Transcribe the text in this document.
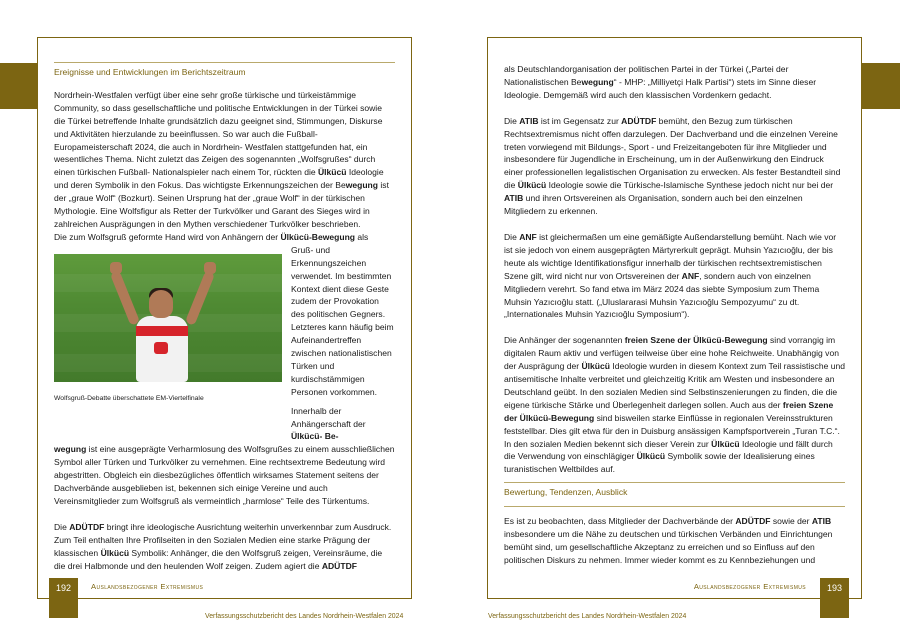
Ereignisse und Entwicklungen im Berichtszeitraum

Nordrhein-Westfalen verfügt über eine sehr große türkische und türkeistämmige Community, so dass gesellschaftliche und politische Entwicklungen in der Türkei sowie die Türkei betreffende Inhalte grundsätzlich dazu geeignet sind, Stimmungen, Diskurse und Aktivitäten hierzulande zu beeinflussen. So war auch die Fußball-Europameisterschaft 2024, die auch in Nordrhein- Westfalen stattgefunden hat, ein wesentliches Thema. Nicht zuletzt das Zeigen des sogenannten „Wolfsgrußes“ durch einen türkischen Fußball- Nationalspieler nach einem Tor, rückten die Ülkücü Ideologie und deren Symbolik in den Fokus. Das wichtigste Erkennungszeichen der Bewegung ist der „graue Wolf“ (Bozkurt). Seinen Ursprung hat der „graue Wolf“ in der türkischen Mythologie. Eine Wolfsfigur als Retter der Turkvölker und Garant des Sieges wird in zahlreichen Ausprägungen in den Mythen verschiedener Turkvölker beschrieben.

Die zum Wolfsgruß geformte Hand wird von Anhängern der Ülkücü-Bewegung als

Wolfsgruß-Debatte überschattete EM-Viertelfinale

Gruß- und Erkennungszeichen verwendet. Im bestimmten Kontext dient diese Geste zudem der Provokation des politischen Gegners. Letzteres kann häufig beim Aufeinandertreffen zwischen nationalistischen Türken und kurdischstämmigen Personen vorkommen.

Innerhalb der Anhängerschaft der Ülkücü- Be-

wegung ist eine ausgeprägte Verharmlosung des Wolfsgrußes zu einem ausschließlichen Symbol aller Türken und Turkvölker zu vernehmen. Eine rechtsextreme Bedeutung wird abgestritten. Obgleich ein diesbezügliches öffentlich wirksames Statement seitens der Dachverbände ausgeblieben ist, bekennen sich einige Vereine und auch Vereinsmitglieder zum Wolfsgruß als vermeintlich „harmlose“ Teile des Türkentums.

Die ADÜTDF bringt ihre ideologische Ausrichtung weiterhin unverkennbar zum Ausdruck. Zum Teil enthalten Ihre Profilseiten in den Sozialen Medien eine starke Prägung der klassischen Ülkücü Symbolik: Anhänger, die den Wolfsgruß zeigen, Vereinsräume, die die drei Halbmonde und den heulenden Wolf zeigen. Zudem agiert die ADÜTDF

als Deutschlandorganisation der politischen Partei in der Türkei („Partei der Nationalistischen Bewegung“ - MHP: „Milliyetçi Halk Partisi“) stets im Sinne dieser Ideologie. Demgemäß wird auch den klassischen Vordenkern gedacht.

Die ATIB ist im Gegensatz zur ADÜTDF bemüht, den Bezug zum türkischen Rechtsextremismus nicht offen darzulegen. Der Dachverband und die einzelnen Vereine treten vorwiegend mit Bildungs-, Sport - und Freizeitangeboten für ihre Mitglieder und insbesondere für Jugendliche in Erscheinung, um in der Außenwirkung den Eindruck einer professionellen legalistischen Organisation zu erwecken. Als fester Bestandteil sind die Ülkücü Ideologie sowie die Türkische-Islamische Synthese jedoch nicht nur bei der ATIB und ihren Ortsvereinen als Organisation, sondern auch bei den einzelnen Mitgliedern zu erkennen.

Die ANF ist gleichermaßen um eine gemäßigte Außendarstellung bemüht. Nach wie vor ist sie jedoch von einem ausgeprägten Märtyrerkult geprägt. Muhsin Yazıcıoğlu, der bis heute als wichtige Identifikationsfigur innerhalb der türkischen rechtsextremistischen Szene gilt, wird nicht nur von Ortsvereinen der ANF, sondern auch von einzelnen Mitgliedern verehrt. So fand etwa im März 2024 das siebte Symposium zum Thema Muhsin Yazıcıoğlu statt. („Uluslararasi Muhsin Yazıcıoğlu Sempozyumu“ zu dt. „Internationales Muhsin Yazıcıoğlu Symposium“).

Die Anhänger der sogenannten freien Szene der Ülkücü-Bewegung sind vorrangig im digitalen Raum aktiv und verfügen teilweise über eine hohe Reichweite. Unabhängig von der Ausprägung der Ülkücü Ideologie wurden in diesem Kontext zum Teil rassistische und antisemitische Inhalte verbreitet und gleichzeitig Kritik am Westen und insbesondere an Deutschland geübt. In den sozialen Medien sind Selbstinszenierungen zu finden, die die eigene türkische Stärke und Überlegenheit darlegen sollen. Auch aus der freien Szene der Ülkücü-Bewegung sind bisweilen starke Einflüsse in regionalen Vereinsstrukturen feststellbar. Dies gilt etwa für den in Duisburg ansässigen Kampfsportverein „Turan T.C.“. In den sozialen Medien bekennt sich dieser Verein zur Ülkücü Ideologie und fällt durch die Verwendung von einschlägiger Ülkücü Symbolik sowie der Idealisierung eines turanistischen Weltbildes auf.

Bewertung, Tendenzen, Ausblick

Es ist zu beobachten, dass Mitglieder der Dachverbände der ADÜTDF sowie der ATIB insbesondere um die Nähe zu deutschen und türkischen Verbänden und Einrichtungen bemüht sind, um gesellschaftliche Akzeptanz zu erreichen und so Einfluss auf den politischen Diskurs zu nehmen. Immer wieder kommt es zu Kennbeziehungen und

192	Auslandsbezogener Extremismus	193
Auslandsbezogener Extremismus
Verfassungsschutzbericht des Landes Nordrhein-Westfalen 2024	Verfassungsschutzbericht des Landes Nordrhein-Westfalen 2024
